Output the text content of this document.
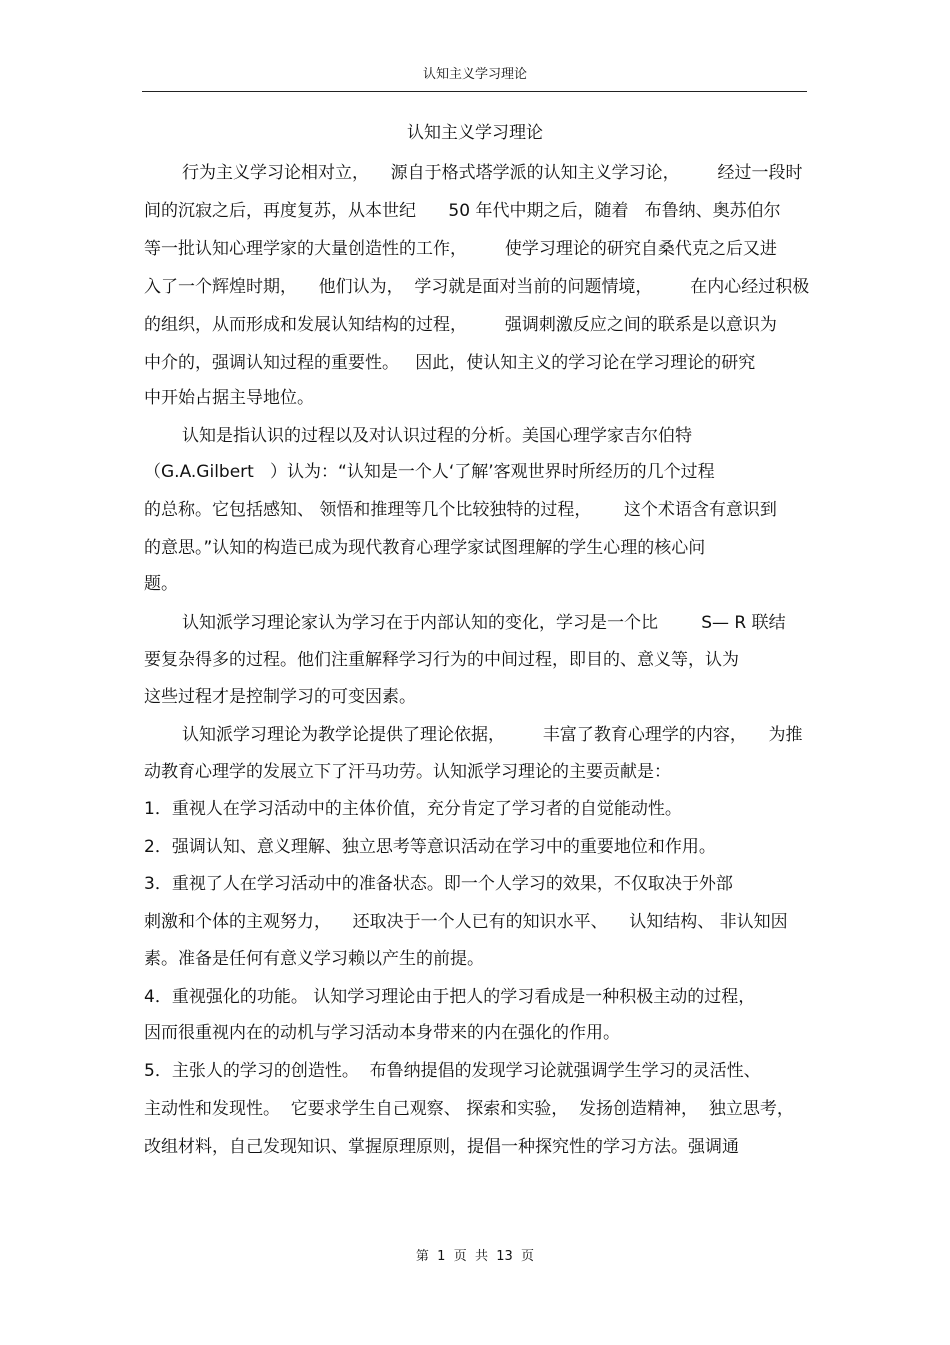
认知主义学习理论
认知主义学习理论
行为主义学习论相对立，    源自于格式塔学派的认知主义学习论，       经过一段时
间的沉寂之后，再度复苏，从本世纪      50 年代中期之后，随着   布鲁纳、奥苏伯尔
等一批认知心理学家的大量创造性的工作，       使学习理论的研究自桑代克之后又进
入了一个辉煌时期，    他们认为，  学习就是面对当前的问题情境，       在内心经过积极
的组织，从而形成和发展认知结构的过程，       强调刺激反应之间的联系是以意识为
中介的，强调认知过程的重要性。   因此，使认知主义的学习论在学习理论的研究
中开始占据主导地位。
认知是指认识的过程以及对认识过程的分析。美国心理学家吉尔伯特
（G.A.Gilbert   ）认为：“认知是一个人‘了解’客观世界时所经历的几个过程
的总称。它包括感知、 领悟和推理等几个比较独特的过程，      这个术语含有意识到
的意思。”认知的构造已成为现代教育心理学家试图理解的学生心理的核心问
题。
认知派学习理论家认为学习在于内部认知的变化，学习是一个比        S— R 联结
要复杂得多的过程。他们注重解释学习行为的中间过程，即目的、意义等，认为
这些过程才是控制学习的可变因素。
认知派学习理论为教学论提供了理论依据，       丰富了教育心理学的内容，    为推
动教育心理学的发展立下了汗马功劳。认知派学习理论的主要贡献是：
1．重视人在学习活动中的主体价值，充分肯定了学习者的自觉能动性。
2．强调认知、意义理解、独立思考等意识活动在学习中的重要地位和作用。
3．重视了人在学习活动中的准备状态。即一个人学习的效果，不仅取决于外部
刺激和个体的主观努力，    还取决于一个人已有的知识水平、    认知结构、 非认知因
素。准备是任何有意义学习赖以产生的前提。
4．重视强化的功能。 认知学习理论由于把人的学习看成是一种积极主动的过程，
因而很重视内在的动机与学习活动本身带来的内在强化的作用。
5．主张人的学习的创造性。  布鲁纳提倡的发现学习论就强调学生学习的灵活性、
主动性和发现性。  它要求学生自己观察、 探索和实验，  发扬创造精神，  独立思考，
改组材料，自己发现知识、掌握原理原则，提倡一种探究性的学习方法。强调通
第  1  页  共  13  页
